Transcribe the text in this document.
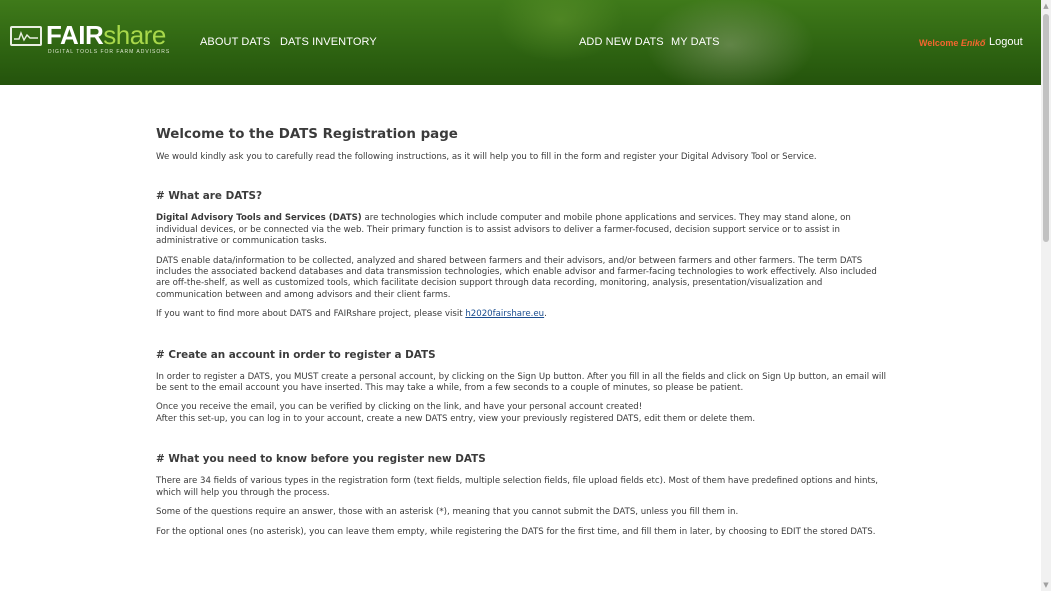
FAIRshare
DIGITAL TOOLS FOR FARM ADVISORS
ABOUT DATS DATS INVENTORY	ADD NEW DATS MY DATS	Welcome Enikő Logout
Welcome to the DATS Registration page

We would kindly ask you to carefully read the following instructions, as it will help you to fill in the form and register your Digital Advisory Tool or Service.

# What are DATS?

Digital Advisory Tools and Services (DATS) are technologies which include computer and mobile phone applications and services. They may stand alone, on individual devices, or be connected via the web. Their primary function is to assist advisors to deliver a farmer-focused, decision support service or to assist in administrative or communication tasks.

DATS enable data/information to be collected, analyzed and shared between farmers and their advisors, and/or between farmers and other farmers. The term DATS includes the associated backend databases and data transmission technologies, which enable advisor and farmer-facing technologies to work effectively. Also included are off-the-shelf, as well as customized tools, which facilitate decision support through data recording, monitoring, analysis, presentation/visualization and communication between and among advisors and their client farms.

If you want to find more about DATS and FAIRshare project, please visit h2020fairshare.eu.

# Create an account in order to register a DATS

In order to register a DATS, you MUST create a personal account, by clicking on the Sign Up button. After you fill in all the fields and click on Sign Up button, an email will be sent to the email account you have inserted. This may take a while, from a few seconds to a couple of minutes, so please be patient.

Once you receive the email, you can be verified by clicking on the link, and have your personal account created!
After this set-up, you can log in to your account, create a new DATS entry, view your previously registered DATS, edit them or delete them.

# What you need to know before you register new DATS

There are 34 fields of various types in the registration form (text fields, multiple selection fields, file upload fields etc). Most of them have predefined options and hints, which will help you through the process.

Some of the questions require an answer, those with an asterisk (*), meaning that you cannot submit the DATS, unless you fill them in.

For the optional ones (no asterisk), you can leave them empty, while registering the DATS for the first time, and fill them in later, by choosing to EDIT the stored DATS.

▲
▼
